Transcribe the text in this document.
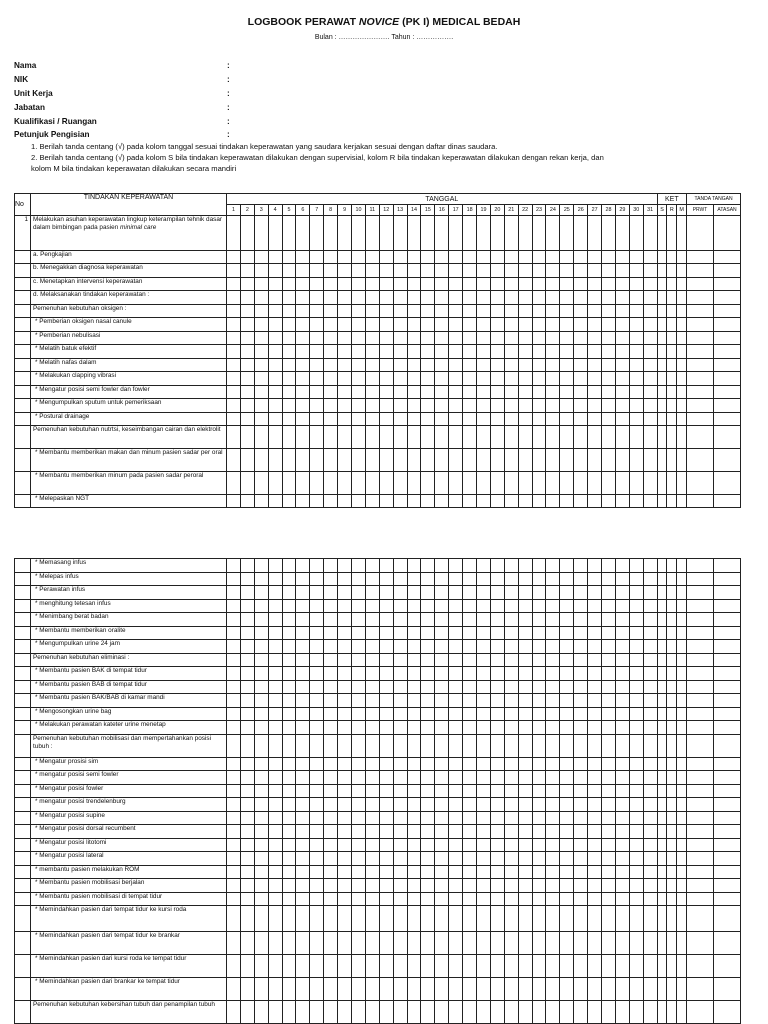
LOGBOOK PERAWAT NOVICE (PK I) MEDICAL BEDAH
Bulan : …………………. Tahun : …………….
Nama	:
NIK	:
Unit Kerja	:
Jabatan	:
Kualifikasi / Ruangan	:
Petunjuk Pengisian	:
1. Berilah tanda centang (√) pada kolom tanggal sesuai tindakan keperawatan yang saudara kerjakan sesuai dengan daftar dinas saudara.
2. Berilah tanda centang (√) pada kolom S bila tindakan keperawatan dilakukan dengan supervisial, kolom R bila tindakan keperawatan dilakukan dengan rekan kerja, dan
kolom M bila tindakan keperawatan dilakukan secara mandiri
No	TINDAKAN KEPERAWATAN	TANGGAL																															KET			TANDA TANGAN	
		1	2	3	4	5	6	7	8	9	10	11	12	13	14	15	16	17	18	19	20	21	22	23	24	25	26	27	28	29	30	31	S	R	M	PRWT	ATASAN
1	Melakukan asuhan keperawatan lingkup keterampilan tehnik dasar dalam bimbingan pada pasien minimal care																																				
	a. Pengkajian																																				
	b. Menegakkan diagnosa keperawatan																																				
	c. Menetapkan intervensi keperawatan																																				
	d. Melaksanakan tindakan keperawatan :																																				
	Pemenuhan kebutuhan oksigen :																																				
	* Pemberian oksigen nasal canule																																				
	* Pemberian nebulisasi																																				
	* Melatih batuk efektif																																				
	* Melatih nafas dalam																																				
	* Melakukan clapping vibrasi																																				
	* Mengatur posisi semi fowler dan fowler																																				
	* Mengumpulkan sputum untuk pemeriksaan																																				
	* Postural drainage																																				
	Pemenuhan kebutuhan nutrtsi, keseimbangan cairan dan elektrolit																																				
	* Membantu memberikan makan dan minum pasien sadar per oral																																				
	* Membantu memberikan minum pada pasien sadar peroral																																				
	* Melepaskan NGT																																				
	* Memasang infus																																				
	* Melepas infus																																				
	* Perawatan infus																																				
	* menghitung tetesan infus																																				
	* Menimbang berat badan																																				
	* Membantu memberikan oralite																																				
	* Mengumpulkan urine 24 jam																																				
	Pemenuhan kebutuhan eliminasi :																																				
	* Membantu pasien BAK di tempat tidur																																				
	* Membantu pasien BAB di tempat tidur																																				
	* Membantu pasien BAK/BAB di kamar mandi																																				
	* Mengosongkan urine bag																																				
	* Melakukan perawatan kateter urine menetap																																				
	Pemenuhan kebutuhan mobilisasi dan mempertahankan posisi tubuh :																																				
	* Mengatur prosisi sim																																				
	* mengatur posisi semi fowler																																				
	* Mengatur posisi fowler																																				
	* mengatur posisi trendelenburg																																				
	* Mengatur posisi supine																																				
	* Mengatur posisi dorsal recumbent																																				
	* Mengatur posisi litotomi																																				
	* Mengatur posisi lateral																																				
	* membantu pasien melakukan ROM																																				
	* Membantu pasien mobilisasi berjalan																																				
	* Membantu pasien mobilisasi di tempat tidur																																				
	* Memindahkan pasien dari tempat tidur ke kursi roda																																				
	* Memindahkan pasien dari tempat tidur ke brankar																																				
	* Memindahkan pasien dari kursi roda ke tempat tidur																																				
	* Memindahkan pasien dari brankar ke tempat tidur																																				
	Pemenuhan kebutuhan kebersihan tubuh dan penampilan tubuh																																				
